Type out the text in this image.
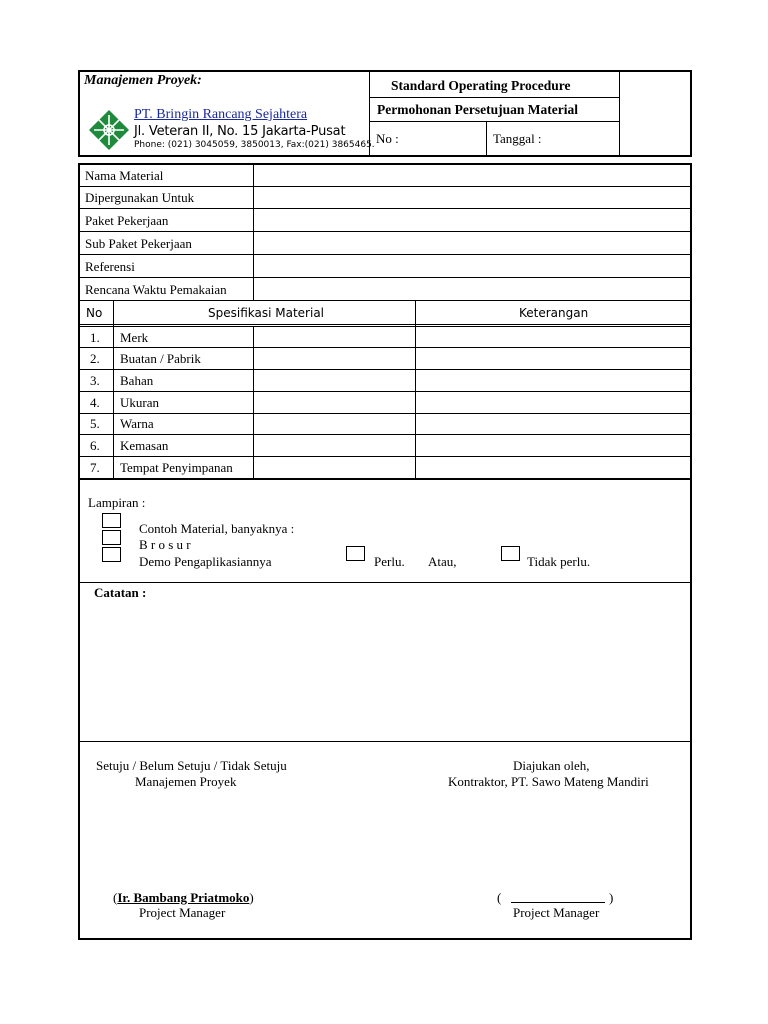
Manajemen Proyek:
PT. Bringin Rancang Sejahtera
Jl. Veteran II, No. 15 Jakarta-Pusat
Phone: (021) 3045059, 3850013, Fax:(021) 3865465.
Standard Operating Procedure
Permohonan Persetujuan Material
No :	Tanggal :
Nama Material
Dipergunakan Untuk
Paket Pekerjaan
Sub Paket Pekerjaan
Referensi
Rencana Waktu Pemakaian
No	Spesifikasi Material	Keterangan
1. Merk
2. Buatan / Pabrik
3. Bahan
4. Ukuran
5. Warna
6. Kemasan
7. Tempat Penyimpanan
Lampiran :
Contoh Material, banyaknya :
B r o s u r
Demo Pengaplikasiannya	Perlu. Atau,	Tidak perlu.
Catatan :
Setuju / Belum Setuju / Tidak Setuju
Manajemen Proyek
Diajukan oleh,
Kontraktor, PT. Sawo Mateng Mandiri
(Ir. Bambang Priatmoko)
Project Manager
(	)
Project Manager
